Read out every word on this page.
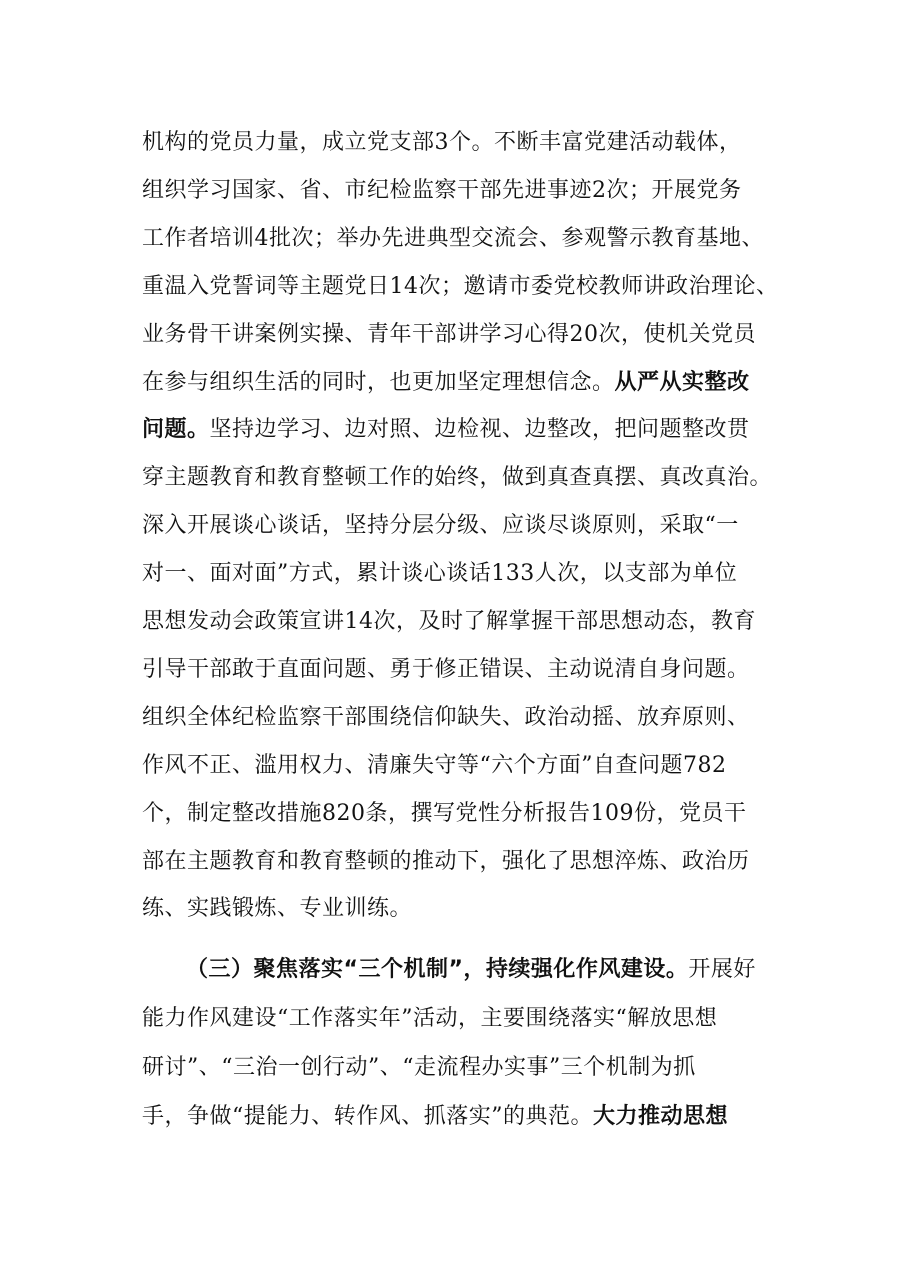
机构的党员力量，成立党支部3个。不断丰富党建活动载体，
组织学习国家、省、市纪检监察干部先进事迹2次；开展党务
工作者培训4批次；举办先进典型交流会、参观警示教育基地、
重温入党誓词等主题党日14次；邀请市委党校教师讲政治理论、
业务骨干讲案例实操、青年干部讲学习心得20次，使机关党员
在参与组织生活的同时，也更加坚定理想信念。从严从实整改
问题。坚持边学习、边对照、边检视、边整改，把问题整改贯
穿主题教育和教育整顿工作的始终，做到真查真摆、真改真治。
深入开展谈心谈话，坚持分层分级、应谈尽谈原则，采取“一
对一、面对面”方式，累计谈心谈话133人次，以支部为单位
思想发动会政策宣讲14次，及时了解掌握干部思想动态，教育
引导干部敢于直面问题、勇于修正错误、主动说清自身问题。
组织全体纪检监察干部围绕信仰缺失、政治动摇、放弃原则、
作风不正、滥用权力、清廉失守等“六个方面”自查问题782
个，制定整改措施820条，撰写党性分析报告109份，党员干
部在主题教育和教育整顿的推动下，强化了思想淬炼、政治历
练、实践锻炼、专业训练。
（三）聚焦落实“三个机制”，持续强化作风建设。开展好
能力作风建设“工作落实年”活动，主要围绕落实“解放思想
研讨”、“三治一创行动”、“走流程办实事”三个机制为抓
手，争做“提能力、转作风、抓落实”的典范。大力推动思想
